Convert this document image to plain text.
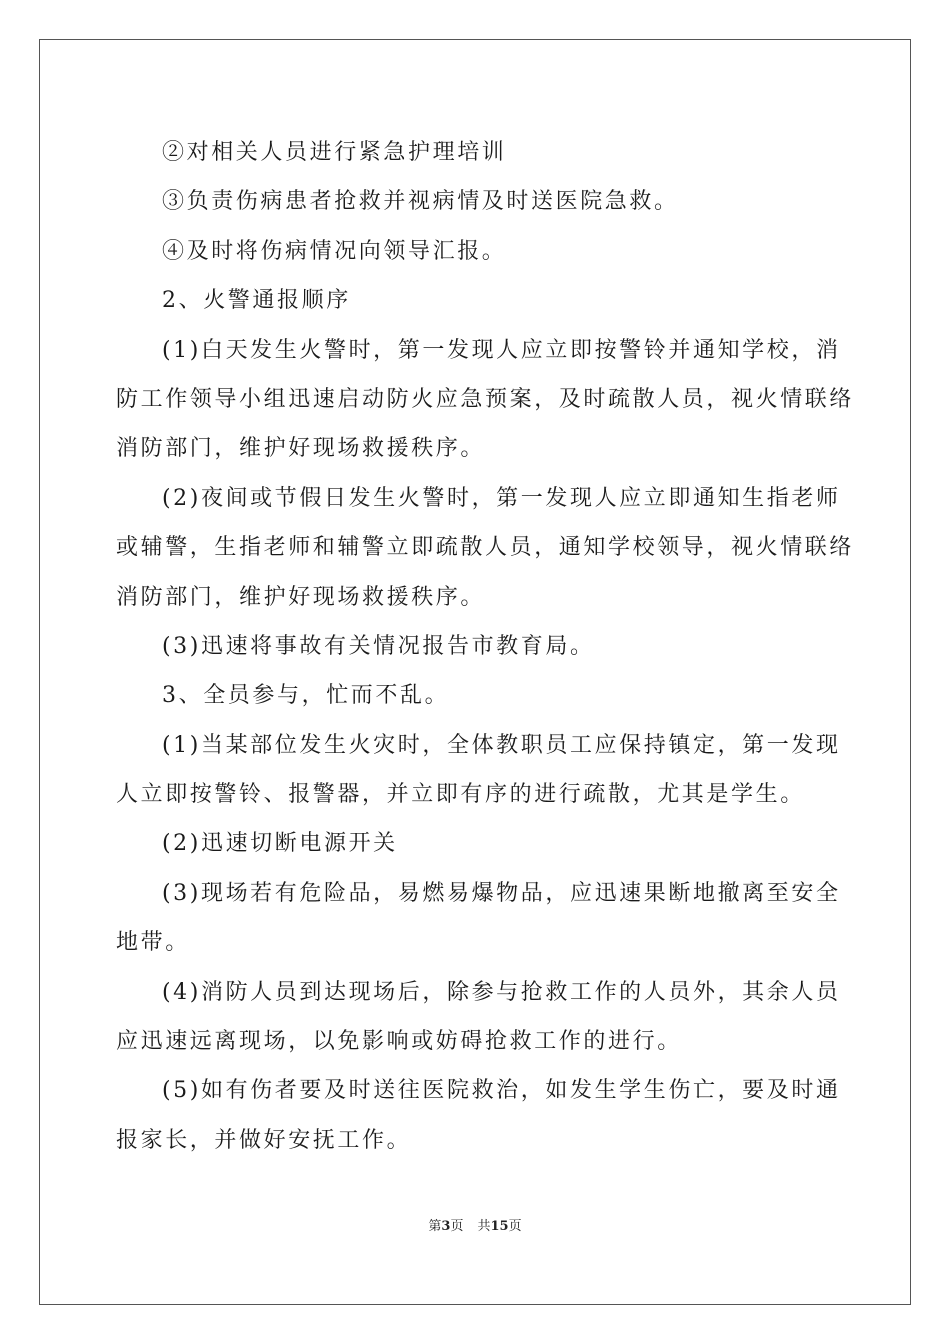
②对相关人员进行紧急护理培训
③负责伤病患者抢救并视病情及时送医院急救。
④及时将伤病情况向领导汇报。
2、火警通报顺序
(1)白天发生火警时，第一发现人应立即按警铃并通知学校，消
防工作领导小组迅速启动防火应急预案，及时疏散人员，视火情联络
消防部门，维护好现场救援秩序。
(2)夜间或节假日发生火警时，第一发现人应立即通知生指老师
或辅警，生指老师和辅警立即疏散人员，通知学校领导，视火情联络
消防部门，维护好现场救援秩序。
(3)迅速将事故有关情况报告市教育局。
3、全员参与，忙而不乱。
(1)当某部位发生火灾时，全体教职员工应保持镇定，第一发现
人立即按警铃、报警器，并立即有序的进行疏散，尤其是学生。
(2)迅速切断电源开关
(3)现场若有危险品，易燃易爆物品，应迅速果断地撤离至安全
地带。
(4)消防人员到达现场后，除参与抢救工作的人员外，其余人员
应迅速远离现场，以免影响或妨碍抢救工作的进行。
(5)如有伤者要及时送往医院救治，如发生学生伤亡，要及时通
报家长，并做好安抚工作。
第3页 共15页
